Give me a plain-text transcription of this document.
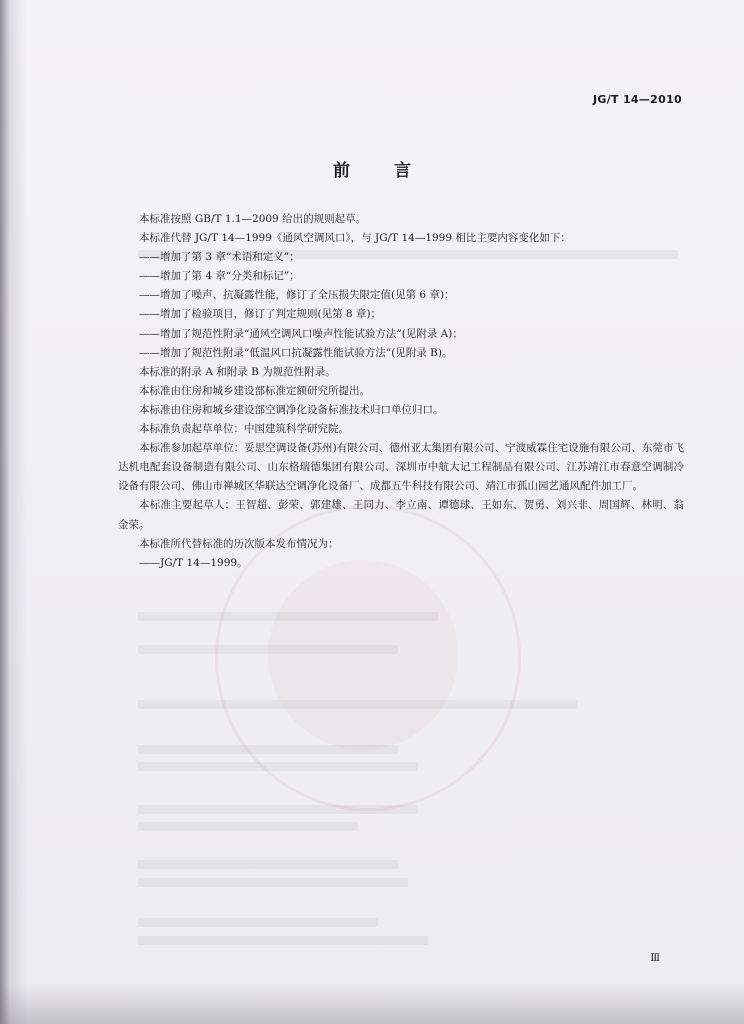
JG/T 14—2010
前	言

本标准按照 GB/T 1.1—2009 给出的规则起草。

本标准代替 JG/T 14—1999《通风空调风口》，与 JG/T 14—1999 相比主要内容变化如下：

——增加了第 3 章“术语和定义”；

——增加了第 4 章“分类和标记”；

——增加了噪声、抗凝露性能，修订了全压损失限定值(见第 6 章)；

——增加了检验项目，修订了判定规则(见第 8 章)；

——增加了规范性附录“通风空调风口噪声性能试验方法”(见附录 A)；

——增加了规范性附录“低温风口抗凝露性能试验方法”(见附录 B)。

本标准的附录 A 和附录 B 为规范性附录。

本标准由住房和城乡建设部标准定额研究所提出。

本标准由住房和城乡建设部空调净化设备标准技术归口单位归口。

本标准负责起草单位：中国建筑科学研究院。

本标准参加起草单位：妥思空调设备(苏州)有限公司、德州亚太集团有限公司、宁波威霖住宅设施有限公司、东莞市飞达机电配套设备制造有限公司、山东格瑞德集团有限公司、深圳市中航大记工程制品有限公司、江苏靖江市春意空调制冷设备有限公司、佛山市禅城区华联达空调净化设备厂、成都五牛科技有限公司、靖江市孤山园艺通风配件加工厂。

本标准主要起草人：王智超、彭荣、郭建雄、王同力、李立南、谭德球、王如东、贺勇、刘兴非、周国辉、林明、翁金荣。

本标准所代替标准的历次版本发布情况为：

——JG/T 14—1999。

Ⅲ
